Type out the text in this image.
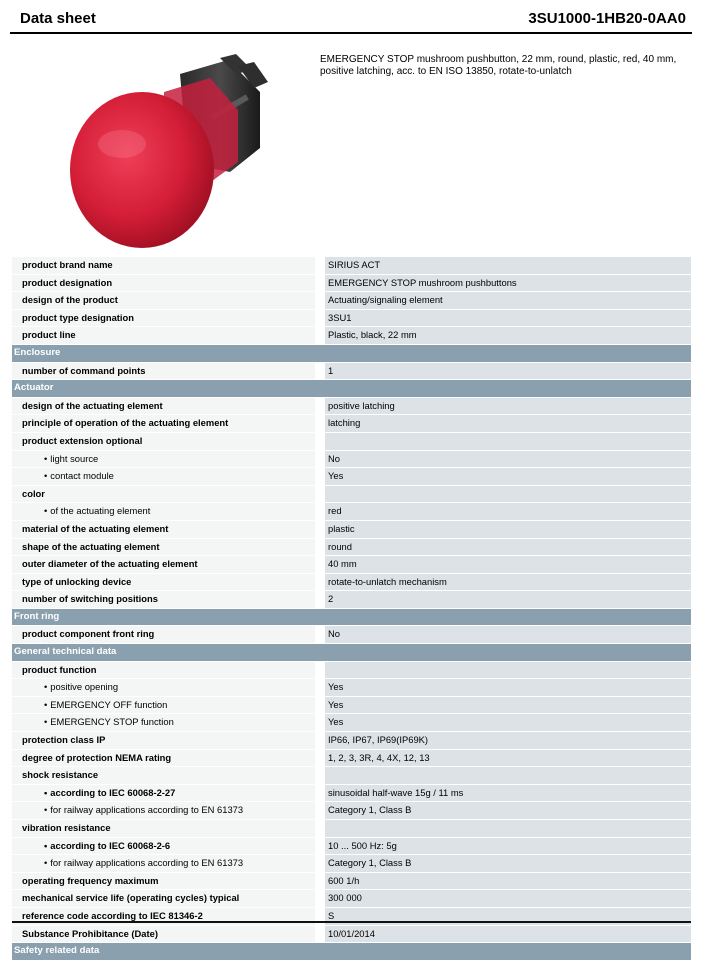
Data sheet	3SU1000-1HB20-0AA0
EMERGENCY STOP mushroom pushbutton, 22 mm, round, plastic, red, 40 mm, positive latching, acc. to EN ISO 13850, rotate-to-unlatch
product brand name	SIRIUS ACT
product designation	EMERGENCY STOP mushroom pushbuttons
design of the product	Actuating/signaling element
product type designation	3SU1
product line	Plastic, black, 22 mm
Enclosure
number of command points	1
Actuator
design of the actuating element	positive latching
principle of operation of the actuating element	latching
product extension optional
• light source	No
• contact module	Yes
color
• of the actuating element	red
material of the actuating element	plastic
shape of the actuating element	round
outer diameter of the actuating element	40 mm
type of unlocking device	rotate-to-unlatch mechanism
number of switching positions	2
Front ring
product component front ring	No
General technical data
product function
• positive opening	Yes
• EMERGENCY OFF function	Yes
• EMERGENCY STOP function	Yes
protection class IP	IP66, IP67, IP69(IP69K)
degree of protection NEMA rating	1, 2, 3, 3R, 4, 4X, 12, 13
shock resistance
• according to IEC 60068-2-27	sinusoidal half-wave 15g / 11 ms
• for railway applications according to EN 61373	Category 1, Class B
vibration resistance
• according to IEC 60068-2-6	10 ... 500 Hz: 5g
• for railway applications according to EN 61373	Category 1, Class B
operating frequency maximum	600 1/h
mechanical service life (operating cycles) typical	300 000
reference code according to IEC 81346-2	S
Substance Prohibitance (Date)	10/01/2014
Safety related data
